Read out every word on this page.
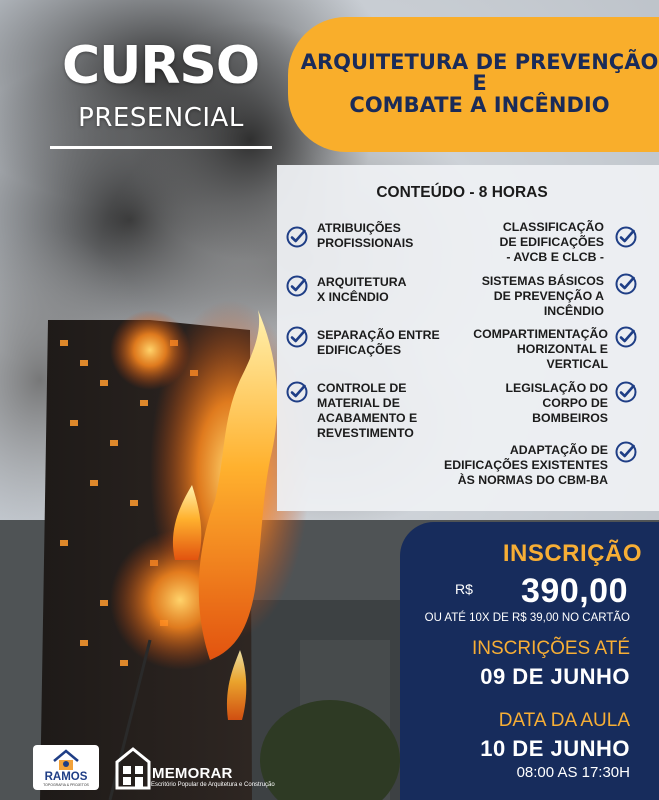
CURSO
PRESENCIAL
ARQUITETURA DE PREVENÇÃO E
COMBATE A INCÊNDIO
CONTEÚDO - 8 HORAS
ATRIBUIÇÕES
PROFISSIONAIS
ARQUITETURA
X INCÊNDIO
SEPARAÇÃO ENTRE
EDIFICAÇÕES
CONTROLE DE
MATERIAL DE
ACABAMENTO E
REVESTIMENTO
CLASSIFICAÇÃO
DE EDIFICAÇÕES
- AVCB E CLCB -
SISTEMAS BÁSICOS
DE PREVENÇÃO A
INCÊNDIO
COMPARTIMENTAÇÃO
HORIZONTAL E
VERTICAL
LEGISLAÇÃO DO
CORPO DE
BOMBEIROS
ADAPTAÇÃO DE
EDIFICAÇÕES EXISTENTES
ÀS NORMAS DO CBM-BA
INSCRIÇÃO
R$	390,00
OU ATÉ 10X DE R$ 39,00 NO CARTÃO
INSCRIÇÕES ATÉ
09 DE JUNHO
DATA DA AULA
10 DE JUNHO
08:00 AS 17:30H
RAMOS
TOPOGRAFIA & PROJETOS
MEMORAR
Escritório Popular de Arquitetura e Construção
